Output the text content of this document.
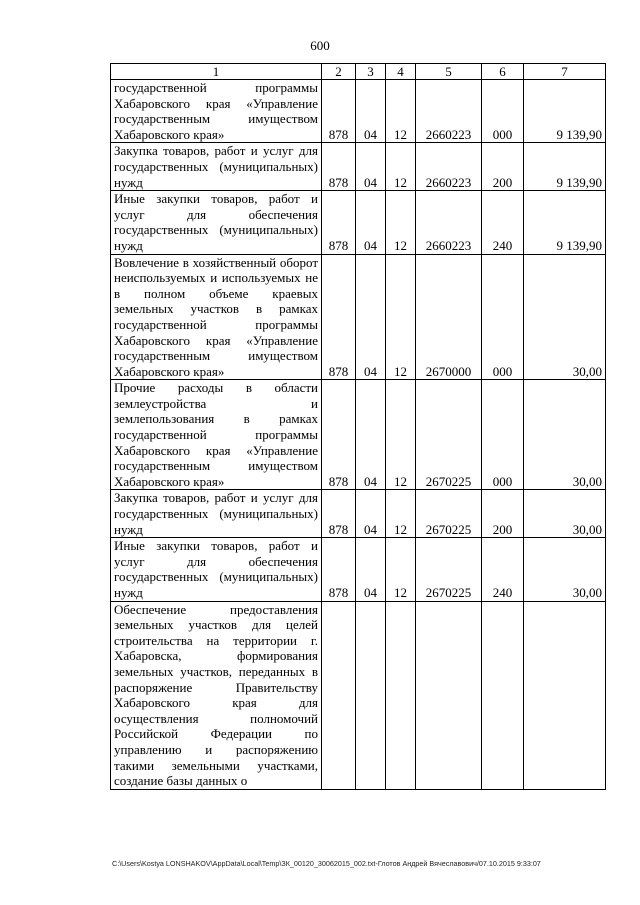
600
1	2	3	4	5	6	7
государственной программы Хабаровского края «Управление государственным имуществом Хабаровского края»	878	04	12	2660223	000	9 139,90
Закупка товаров, работ и услуг для государственных (муниципальных) нужд	878	04	12	2660223	200	9 139,90
Иные закупки товаров, работ и услуг для обеспечения государственных (муниципальных) нужд	878	04	12	2660223	240	9 139,90
Вовлечение в хозяйственный оборот неиспользуемых и используемых не в полном объеме краевых земельных участков в рамках государственной программы Хабаровского края «Управление государственным имуществом Хабаровского края»	878	04	12	2670000	000	30,00
Прочие расходы в области землеустройства и землепользования в рамках государственной программы Хабаровского края «Управление государственным имуществом Хабаровского края»	878	04	12	2670225	000	30,00
Закупка товаров, работ и услуг для государственных (муниципальных) нужд	878	04	12	2670225	200	30,00
Иные закупки товаров, работ и услуг для обеспечения государственных (муниципальных) нужд	878	04	12	2670225	240	30,00
Обеспечение предоставления земельных участков для целей строительства на территории г. Хабаровска, формирования земельных участков, переданных в распоряжение Правительству Хабаровского края для осуществления полномочий Российской Федерации по управлению и распоряжению такими земельными участками, создание базы данных о						
C:\Users\Kostya LONSHAKOV\AppData\Local\Temp\ЗК_00120_30062015_002.txt-Глотов Андрей Вячеславович/07.10.2015 9:33:07
